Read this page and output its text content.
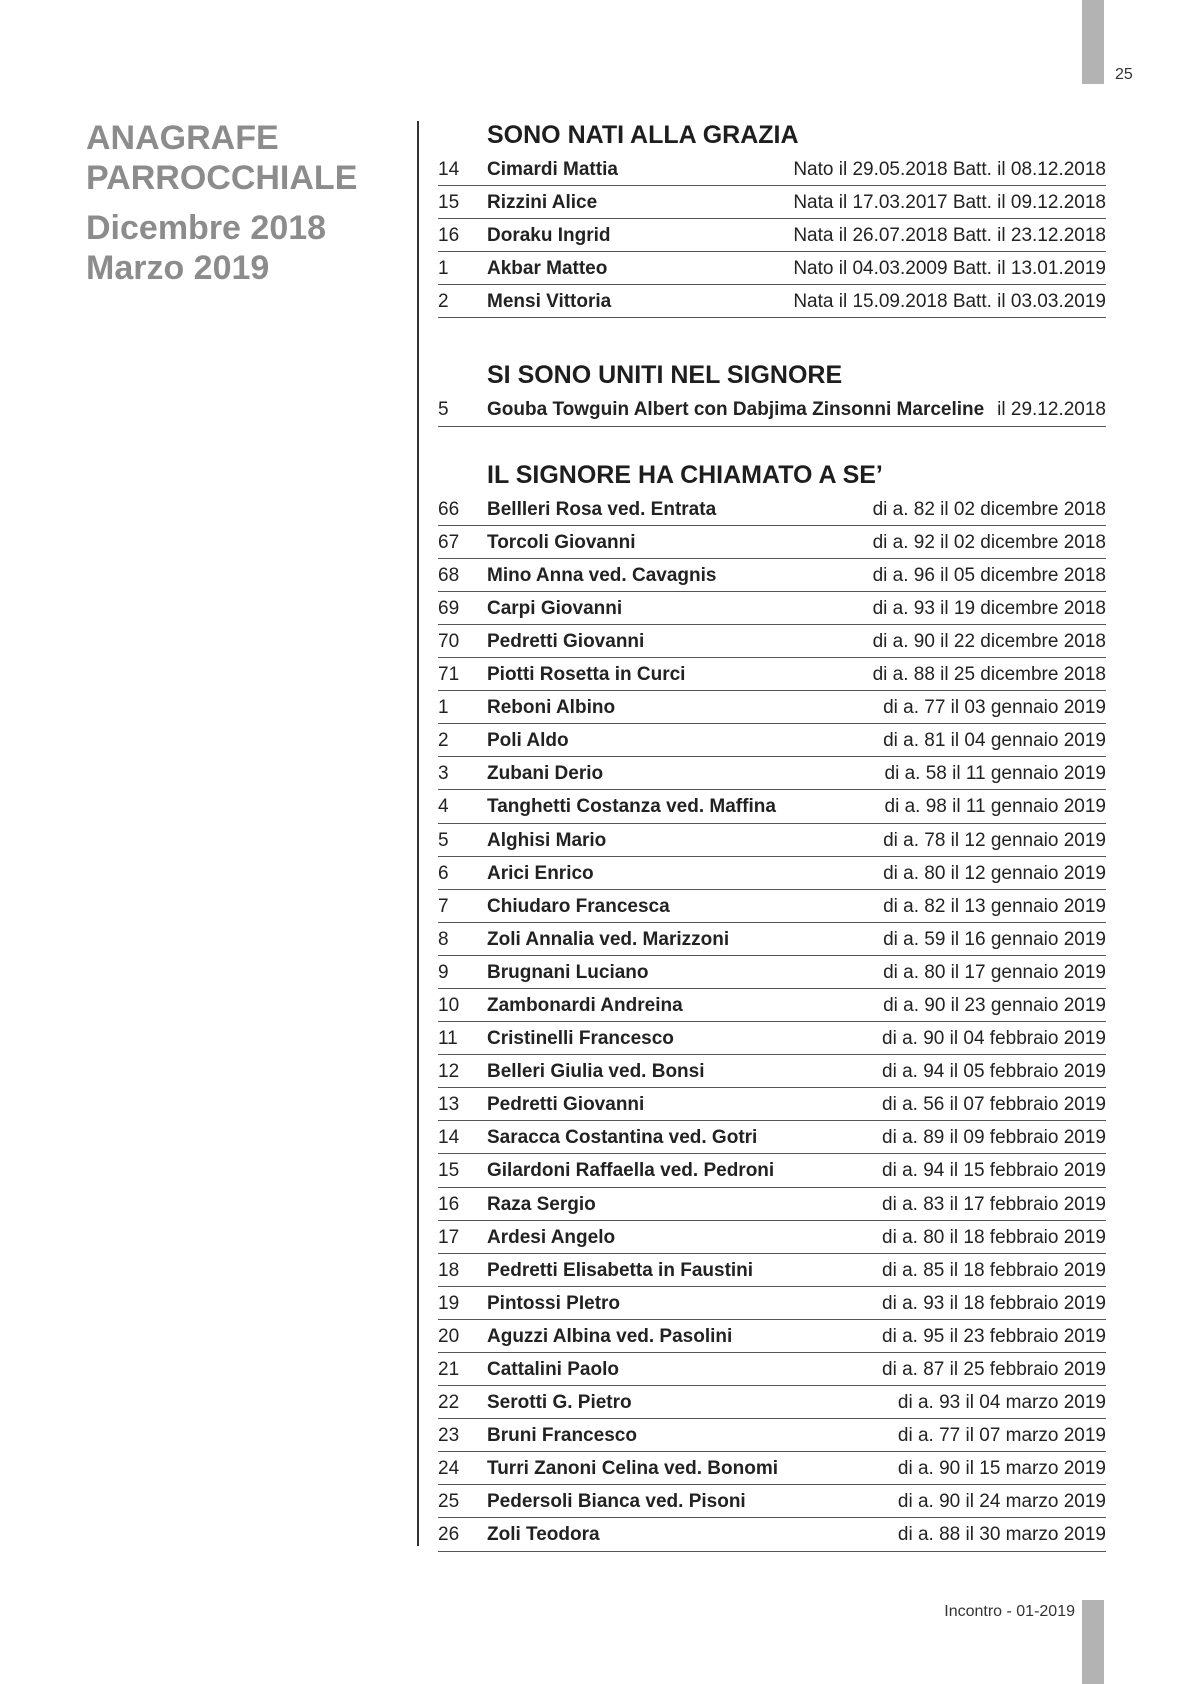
25
ANAGRAFE
PARROCCHIALE
Dicembre 2018
Marzo 2019
SONO NATI ALLA GRAZIA
14	Cimardi Mattia	Nato il 29.05.2018 Batt. il 08.12.2018
15	Rizzini Alice	Nata il 17.03.2017 Batt. il 09.12.2018
16	Doraku Ingrid	Nata il 26.07.2018 Batt. il 23.12.2018
1	Akbar Matteo	Nato il 04.03.2009 Batt. il 13.01.2019
2	Mensi Vittoria	Nata il 15.09.2018 Batt. il 03.03.2019
SI SONO UNITI NEL SIGNORE
5	Gouba Towguin Albert con Dabjima Zinsonni Marceline il 29.12.2018
IL SIGNORE HA CHIAMATO A SE’
66	Bellleri Rosa ved. Entrata	di a. 82 il 02 dicembre 2018
67	Torcoli Giovanni	di a. 92 il 02 dicembre 2018
68	Mino Anna ved. Cavagnis	di a. 96 il 05 dicembre 2018
69	Carpi Giovanni	di a. 93 il 19 dicembre 2018
70	Pedretti Giovanni	di a. 90 il 22 dicembre 2018
71	Piotti Rosetta in Curci	di a. 88 il 25 dicembre 2018
1	Reboni Albino	di a. 77 il 03 gennaio 2019
2	Poli Aldo	di a. 81 il 04 gennaio 2019
3	Zubani Derio	di a. 58 il 11 gennaio 2019
4	Tanghetti Costanza ved. Maffina	di a. 98 il 11 gennaio 2019
5	Alghisi Mario	di a. 78 il 12 gennaio 2019
6	Arici Enrico	di a. 80 il 12 gennaio 2019
7	Chiudaro Francesca	di a. 82 il 13 gennaio 2019
8	Zoli Annalia ved. Marizzoni	di a. 59 il 16 gennaio 2019
9	Brugnani Luciano	di a. 80 il 17 gennaio 2019
10	Zambonardi Andreina	di a. 90 il 23 gennaio 2019
11	Cristinelli Francesco	di a. 90 il 04 febbraio 2019
12	Belleri Giulia ved. Bonsi	di a. 94 il 05 febbraio 2019
13	Pedretti Giovanni	di a. 56 il 07 febbraio 2019
14	Saracca Costantina ved. Gotri	di a. 89 il 09 febbraio 2019
15	Gilardoni Raffaella ved. Pedroni	di a. 94 il 15 febbraio 2019
16	Raza Sergio	di a. 83 il 17 febbraio 2019
17	Ardesi Angelo	di a. 80 il 18 febbraio 2019
18	Pedretti Elisabetta in Faustini	di a. 85 il 18 febbraio 2019
19	Pintossi PIetro	di a. 93 il 18 febbraio 2019
20	Aguzzi Albina ved. Pasolini	di a. 95 il 23 febbraio 2019
21	Cattalini Paolo	di a. 87 il 25 febbraio 2019
22	Serotti G. Pietro	di a. 93 il 04 marzo 2019
23	Bruni Francesco	di a. 77 il 07 marzo 2019
24	Turri Zanoni Celina ved. Bonomi	di a. 90 il 15 marzo 2019
25	Pedersoli Bianca ved. Pisoni	di a. 90 il 24 marzo 2019
26	Zoli Teodora	di a. 88 il 30 marzo 2019
Incontro - 01-2019
